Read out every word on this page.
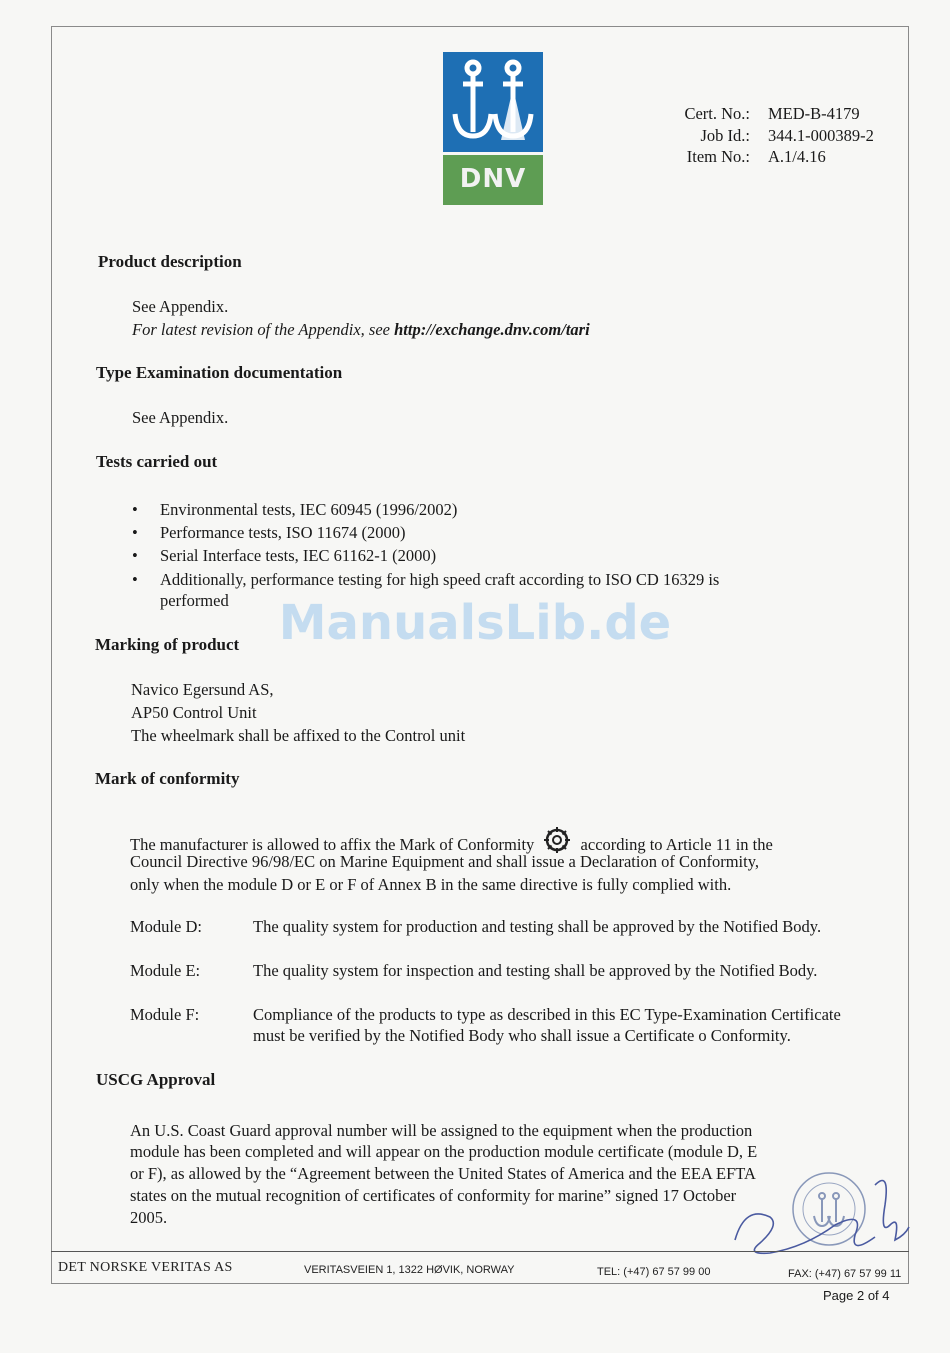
DNV
Cert. No.:	MED-B-4179
Job Id.:	344.1-000389-2
Item No.:	A.1/4.16
Product description
See Appendix.
For latest revision of the Appendix, see http://exchange.dnv.com/tari
Type Examination documentation
See Appendix.
Tests carried out
• Environmental tests, IEC 60945 (1996/2002)
• Performance tests, ISO 11674 (2000)
• Serial Interface tests, IEC 61162-1 (2000)
• Additionally, performance testing for high speed craft according to ISO CD 16329 is
performed	ManualsLib.de
Marking of product
Navico Egersund AS,
AP50 Control Unit
The wheelmark shall be affixed to the Control unit
Mark of conformity
The manufacturer is allowed to affix the Mark of Conformity	according to Article 11 in the
Council Directive 96/98/EC on Marine Equipment and shall issue a Declaration of Conformity,
only when the module D or E or F of Annex B in the same directive is fully complied with.
Module D:	The quality system for production and testing shall be approved by the Notified Body.
Module E:	The quality system for inspection and testing shall be approved by the Notified Body.
Module F:	Compliance of the products to type as described in this EC Type-Examination Certificate must be verified by the Notified Body who shall issue a Certificate o Conformity.
USCG Approval
An U.S. Coast Guard approval number will be assigned to the equipment when the production
module has been completed and will appear on the production module certificate (module D, E
or F), as allowed by the “Agreement between the United States of America and the EEA EFTA
states on the mutual recognition of certificates of conformity for marine” signed 17 October
2005.
DET NORSKE VERITAS AS	VERITASVEIEN 1, 1322 HØVIK, NORWAY	TEL: (+47) 67 57 99 00	FAX: (+47) 67 57 99 11
Page 2 of 4
